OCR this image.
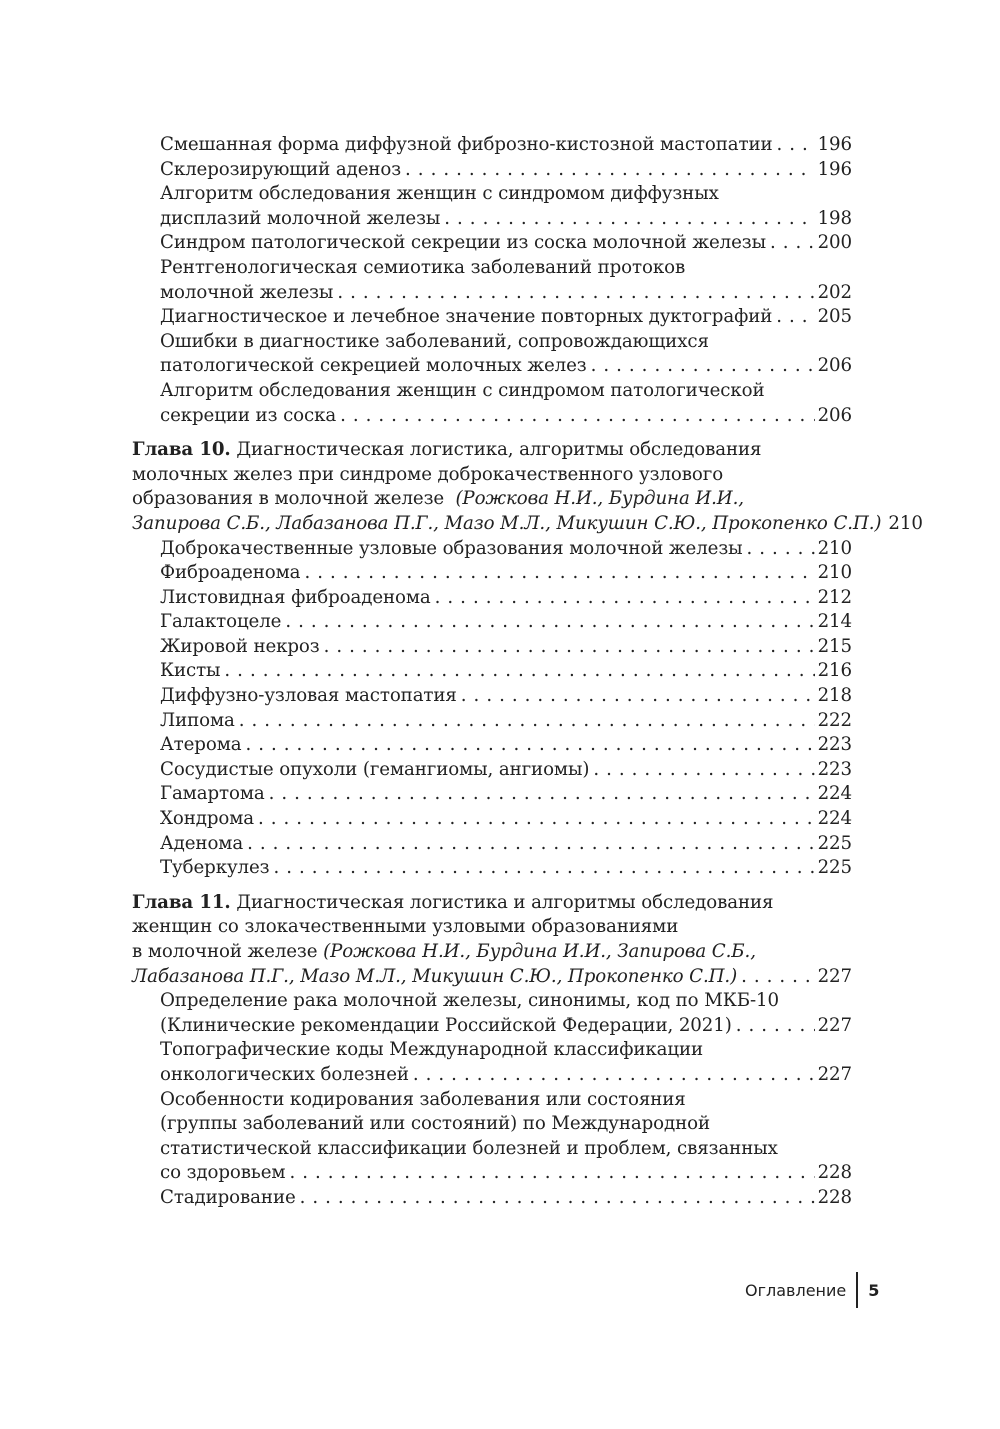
Смешанная форма диффузной фиброзно-кистозной мастопатии . . . 196
Склерозирующий аденоз . . .	196
Алгоритм обследования женщин с синдромом диффузных
дисплазий молочной железы . . .	198
Синдром патологической секреции из соска молочной железы . . .	200
Рентгенологическая семиотика заболеваний протоков
молочной железы . . .	202
Диагностическое и лечебное значение повторных дуктографий . . . 205
Ошибки в диагностике заболеваний, сопровождающихся
патологической секрецией молочных желез . . .	206
Алгоритм обследования женщин с синдромом патологической
секреции из соска . . .	206
Глава 10. Диагностическая логистика, алгоритмы обследования
молочных желез при синдроме доброкачественного узлового
образования в молочной железе (Рожкова Н.И., Бурдина И.И.,
Запирова С.Б., Лабазанова П.Г., Мазо М.Л., Микушин С.Ю., Прокопенко С.П.) 210
Доброкачественные узловые образования молочной железы . . .	210
Фиброаденома . . .	210
Листовидная фиброаденома . . .	212
Галактоцеле . . .	214
Жировой некроз . . .	215
Кисты . . .	216
Диффузно-узловая мастопатия . . .	218
Липома . . .	222
Атерома . . .	223
Сосудистые опухоли (гемангиомы, ангиомы) . . .	223
Гамартома . . .	224
Хондрома . . .	224
Аденома . . .	225
Туберкулез . . .	225
Глава 11. Диагностическая логистика и алгоритмы обследования
женщин со злокачественными узловыми образованиями
в молочной железе (Рожкова Н.И., Бурдина И.И., Запирова С.Б.,
Лабазанова П.Г., Мазо М.Л., Микушин С.Ю., Прокопенко С.П.) . . .	227
Определение рака молочной железы, синонимы, код по МКБ-10
(Клинические рекомендации Российской Федерации, 2021) . . .	227
Топографические коды Международной классификации
онкологических болезней . . .	227
Особенности кодирования заболевания или состояния
(группы заболеваний или состояний) по Международной
статистической классификации болезней и проблем, связанных
со здоровьем . . .	228
Стадирование . . .	228
Оглавление	5
